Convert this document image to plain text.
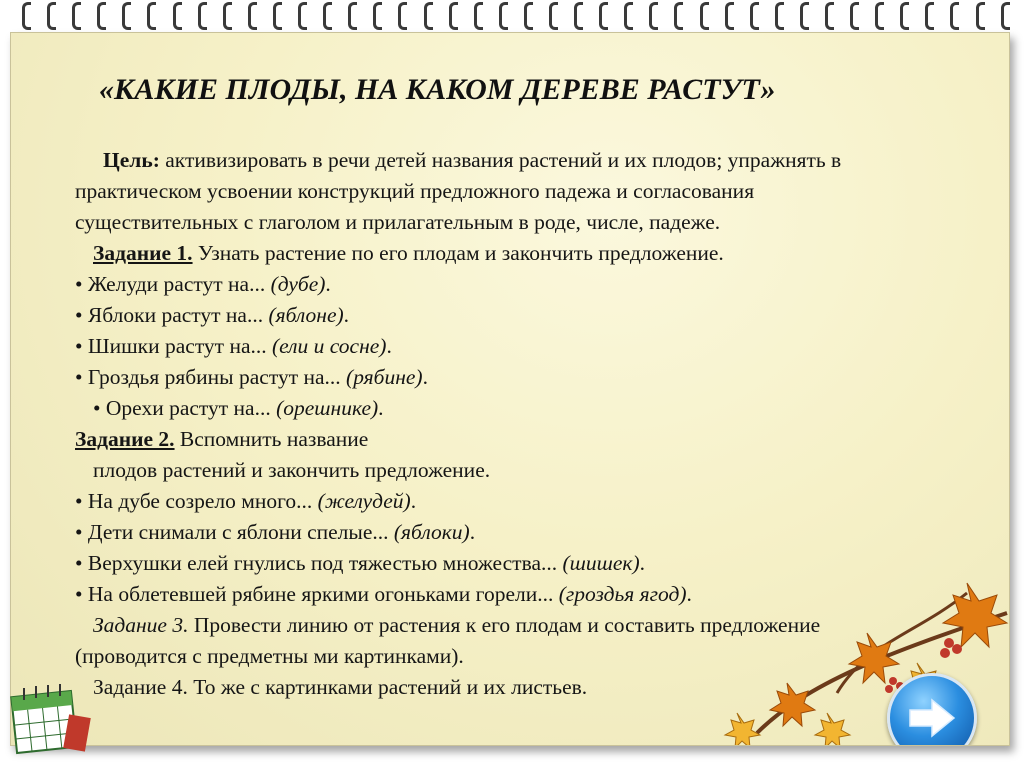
«КАКИЕ ПЛОДЫ, НА КАКОМ ДЕРЕВЕ РАСТУТ»
Цель: активизировать в речи детей названия растений и их плодов; упражнять в
практическом усвоении конструкций предложного падежа и согласования
существительных с глаголом и прилагательным в роде, числе, падеже.
Задание 1. Узнать растение по его плодам и закончить предложение.
• Желуди растут на... (дубе).
• Яблоки растут на... (яблоне).
• Шишки растут на... (ели и сосне).
• Гроздья рябины растут на... (рябине).
• Орехи растут на... (орешнике).
Задание 2. Вспомнить название
плодов растений и закончить предложение.
• На дубе созрело много... (желудей).
• Дети снимали с яблони спелые... (яблоки).
• Верхушки елей гнулись под тяжестью множества... (шишек).
• На облетевшей рябине яркими огоньками горели... (гроздья ягод).
Задание 3. Провести линию от растения к его плодам и составить предложение
(проводится с предметны ми картинками).
Задание 4. То же с картинками растений и их листьев.
